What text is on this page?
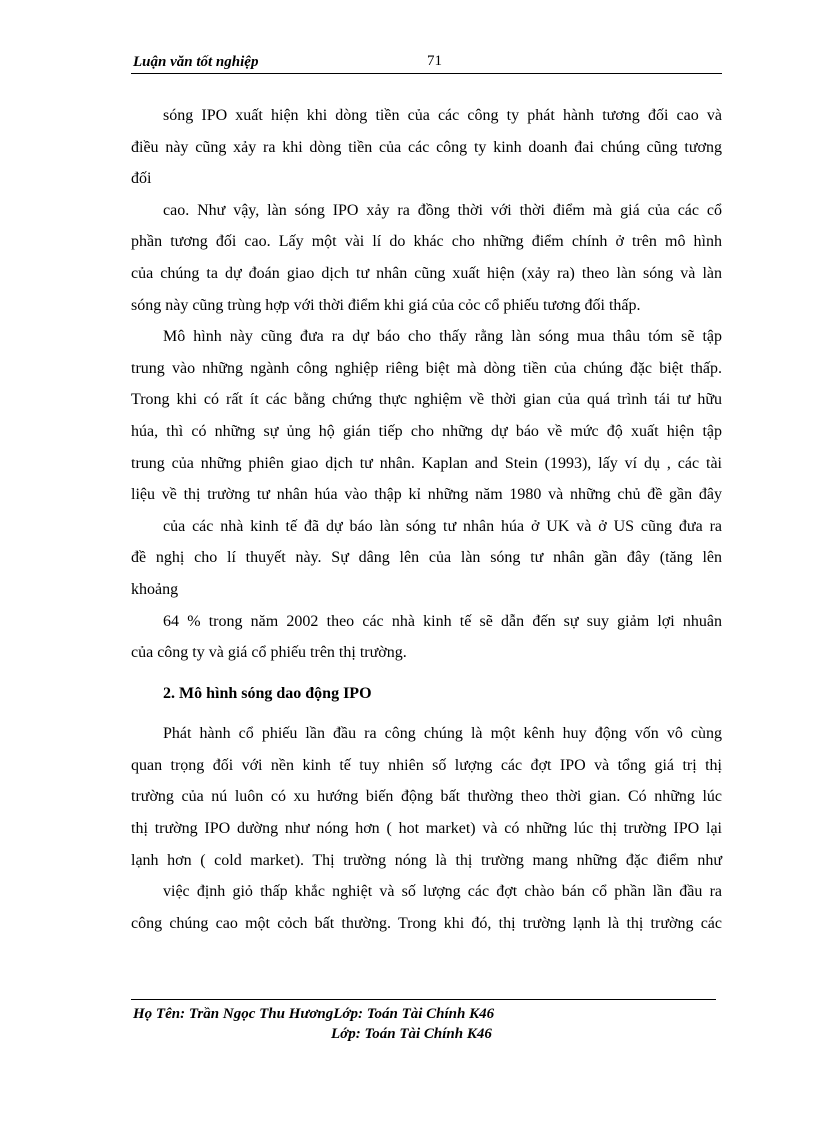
Luận văn tốt nghiệp	71
sóng IPO xuất hiện khi dòng tiền của các công ty phát hành tương đối cao và
điều này cũng xảy ra khi dòng tiền của các công ty kinh doanh đai chúng cũng tương
đối
cao. Như vậy, làn sóng IPO xảy ra đồng thời với thời điểm mà giá của các cổ
phần tương đối cao. Lấy một vài lí do khác cho những điểm chính ở trên mô hình
của chúng ta dự đoán giao dịch tư nhân cũng xuất hiện (xảy ra) theo làn sóng và làn
sóng này cũng trùng hợp với thời điểm khi giá của cỏc cổ phiếu tương đối thấp.
Mô hình này cũng đưa ra dự báo cho thấy rằng làn sóng mua thâu tóm sẽ tập
trung vào những ngành công nghiệp riêng biệt mà dòng tiền của chúng đặc biệt thấp.
Trong khi có rất ít các bằng chứng thực nghiệm về thời gian của quá trình tái tư hữu
húa, thì có những sự ủng hộ gián tiếp cho những dự báo về mức độ xuất hiện tập
trung của những phiên giao dịch tư nhân. Kaplan and Stein (1993), lấy ví dụ , các tài
liệu về thị trường tư nhân húa vào thập kỉ những năm 1980 và những chủ đề gần đây
của các nhà kinh tế đã dự báo làn sóng tư nhân húa ở UK và ở US cũng đưa ra
đề nghị cho lí thuyết này. Sự dâng lên của làn sóng tư nhân gần đây (tăng lên
khoảng
64 % trong năm 2002 theo các nhà kinh tế sẽ dẫn đến sự suy giảm lợi nhuân
của công ty và giá cổ phiếu trên thị trường.
2. Mô hình sóng dao động IPO
Phát hành cổ phiếu lần đầu ra công chúng là một kênh huy động vốn vô cùng
quan trọng đối với nền kinh tế tuy nhiên số lượng các đợt IPO và tổng giá trị thị
trường của nú luôn có xu hướng biến động bất thường theo thời gian. Có những lúc
thị trường IPO dường như nóng hơn ( hot market) và có những lúc thị trường IPO lại
lạnh hơn ( cold market). Thị trường nóng là thị trường mang những đặc điểm như
việc định giỏ thấp khắc nghiệt và số lượng các đợt chào bán cổ phần lần đầu ra
công chúng cao một cỏch bất thường. Trong khi đó, thị trường lạnh là thị trường các
Họ Tên: Trần Ngọc Thu HươngLớp: Toán Tài Chính K46
Lớp: Toán Tài Chính K46
